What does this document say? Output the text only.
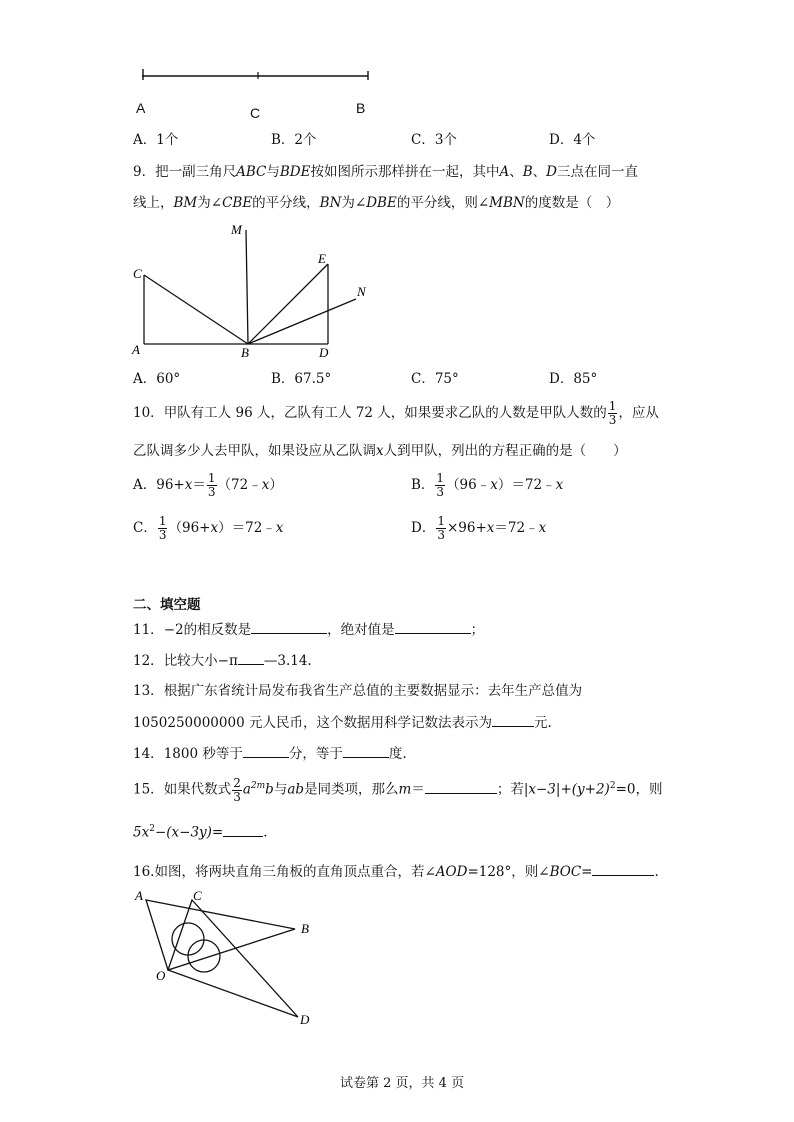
A	C	B
A．1个	B．2个	C．3个	D．4个
9．把一副三角尺ABC与BDE按如图所示那样拼在一起，其中A、B、D三点在同一直
线上，BM为∠CBE的平分线，BN为∠DBE的平分线，则∠MBN的度数是（　）
M
C
E
N
A	B	D
A．60°	B．67.5°	C．75°	D．85°
10．甲队有工人 96 人，乙队有工人 72 人，如果要求乙队的人数是甲队人数的 $\frac{1}{3}$ ，应从
乙队调多少人去甲队，如果设应从乙队调x人到甲队，列出的方程正确的是（　　）
A．$96+x= \frac{1}{3}$ （72﹣x）	B． $\frac{1}{3}$ （96﹣x）＝72﹣x
C． $\frac{1}{3}$ （96+x）＝72﹣x	D． $\frac{1}{3}$ ×96+x＝72﹣x
二、填空题
11．−2的相反数是	，绝对值是	；
12．比较大小−π —3.14.
13．根据广东省统计局发布我省生产总值的主要数据显示：去年生产总值为
1050250000000 元人民币，这个数据用科学记数法表示为	元.
14．1800 秒等于	分，等于	度.
15．如果代数式 $\frac{2}{3} a^{2m}b$与ab是同类项，那么m＝	；若$|x-3|+(y+2)^2=0$，则
$5x^2-(x-3y)=$	.
16.如图，将两块直角三角板的直角顶点重合，若∠AOD=128°，则∠BOC=	.
A	C
B
O
D
试卷第 2 页，共 4 页
